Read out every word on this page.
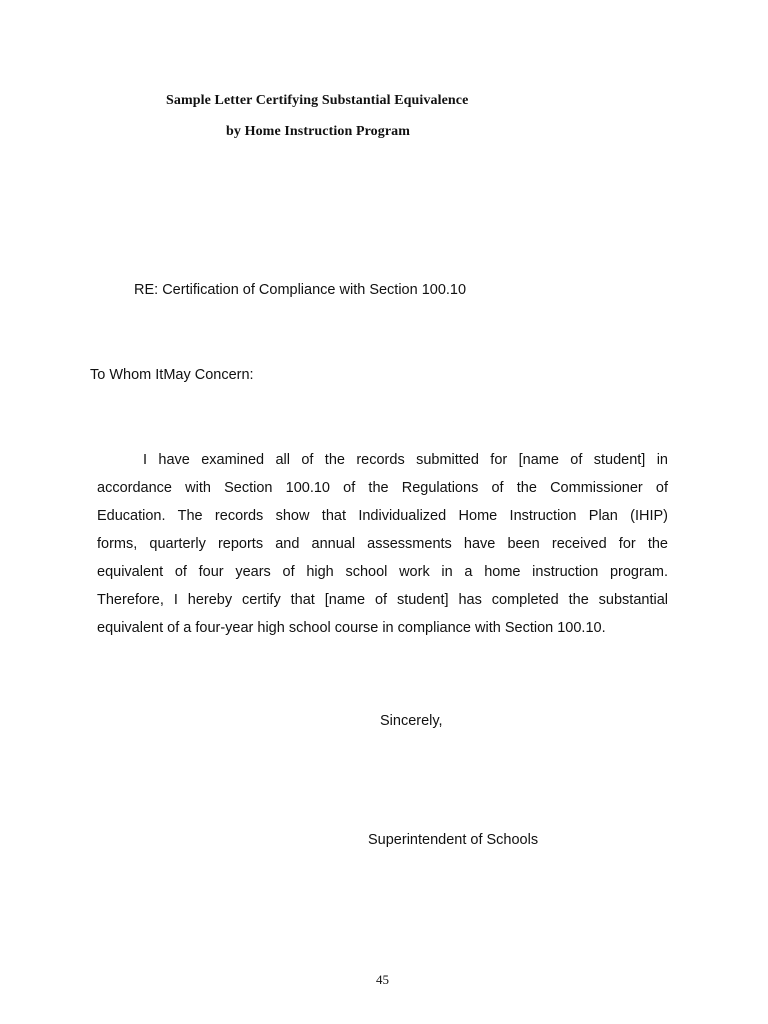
Sample Letter Certifying Substantial Equivalence
by Home Instruction Program
RE: Certification of Compliance with Section 100.10
To Whom ItMay Concern:
I have examined all of the records submitted for [name of student] in
accordance with Section 100.10 of the Regulations of the Commissioner of
Education. The records show that Individualized Home Instruction Plan (IHIP)
forms, quarterly reports and annual assessments have been received for the
equivalent of four years of high school work in a home instruction program.
Therefore, I hereby certify that [name of student] has completed the substantial
equivalent of a four-year high school course in compliance with Section 100.10.
Sincerely,
Superintendent of Schools
45
